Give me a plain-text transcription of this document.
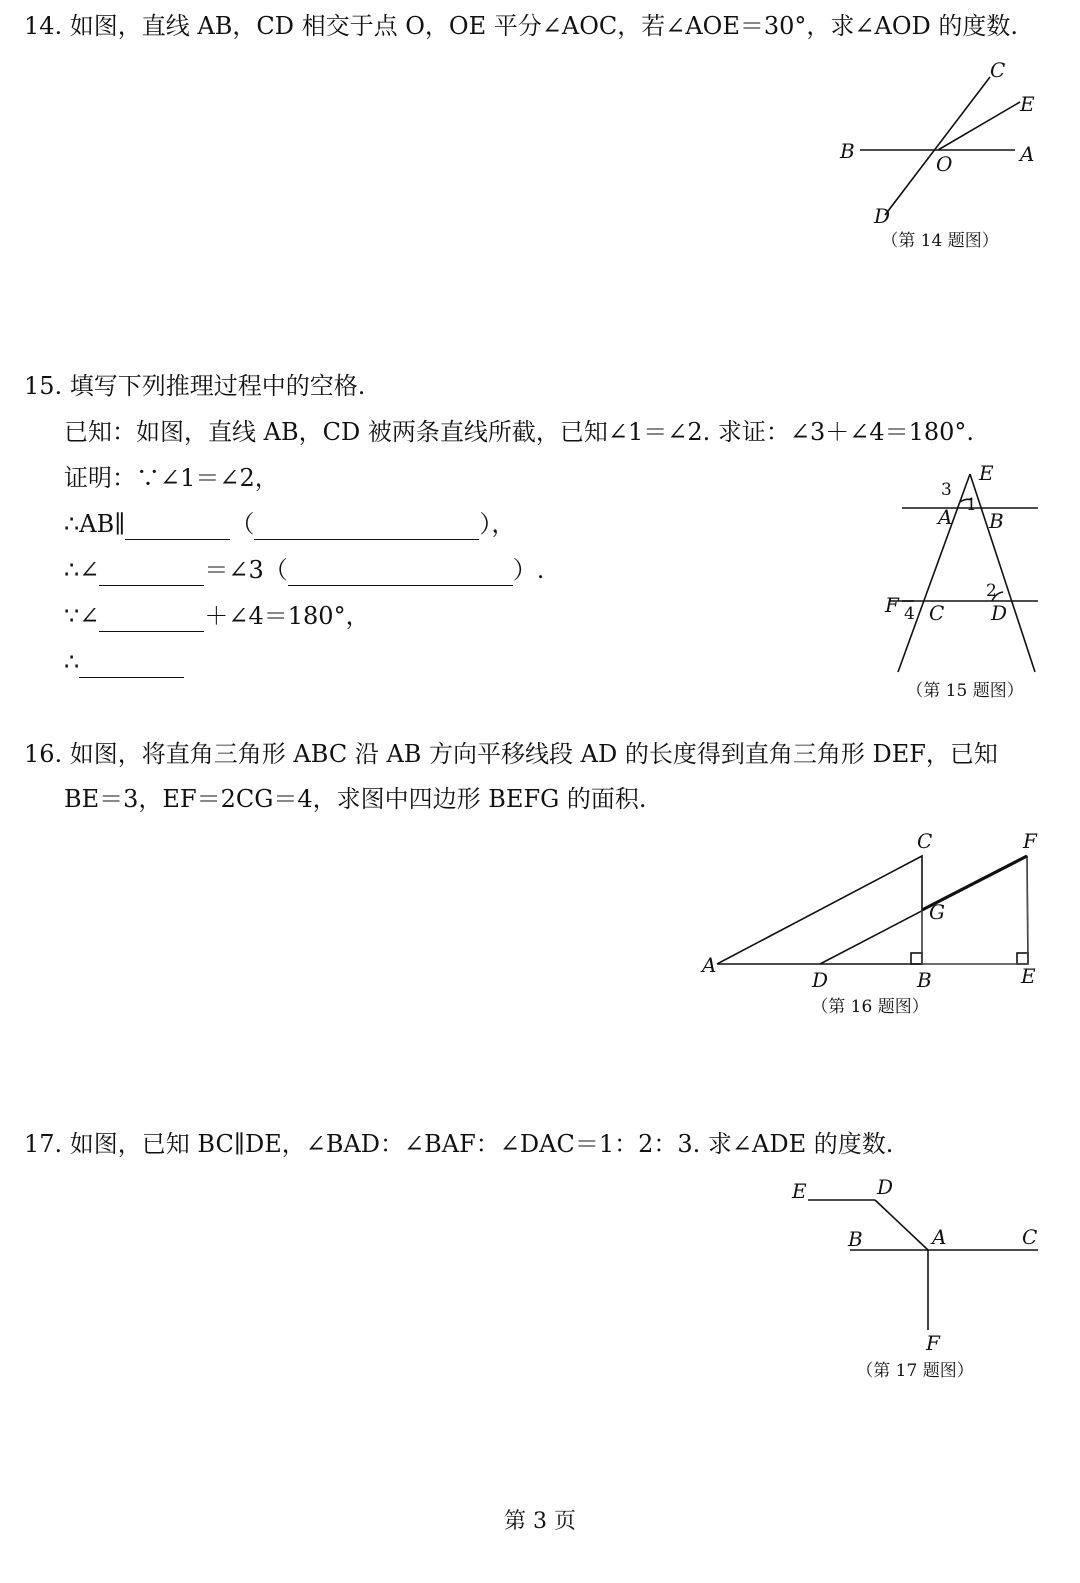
14. 如图，直线 AB，CD 相交于点 O，OE 平分∠AOC，若∠AOE＝30°，求∠AOD 的度数.
B	A
C
D
E
O
（第 14 题图）
15. 填写下列推理过程中的空格.
已知：如图，直线 AB，CD 被两条直线所截，已知∠1＝∠2. 求证：∠3＋∠4＝180°.
证明：∵∠1＝∠2，
∴AB∥	（	），
∴∠	＝∠3（	）.
∵∠	＋∠4＝180°，
∴
E
A B
F C D
3
1
2
4
（第 15 题图）
16. 如图，将直角三角形 ABC 沿 AB 方向平移线段 AD 的长度得到直角三角形 DEF，已知
BE＝3，EF＝2CG＝4，求图中四边形 BEFG 的面积.
A
D	B	E
C	F
G
（第 16 题图）
17. 如图，已知 BC∥DE，∠BAD：∠BAF：∠DAC＝1：2：3. 求∠ADE 的度数.
E	D
B	A	C
F
（第 17 题图）
第 3 页
